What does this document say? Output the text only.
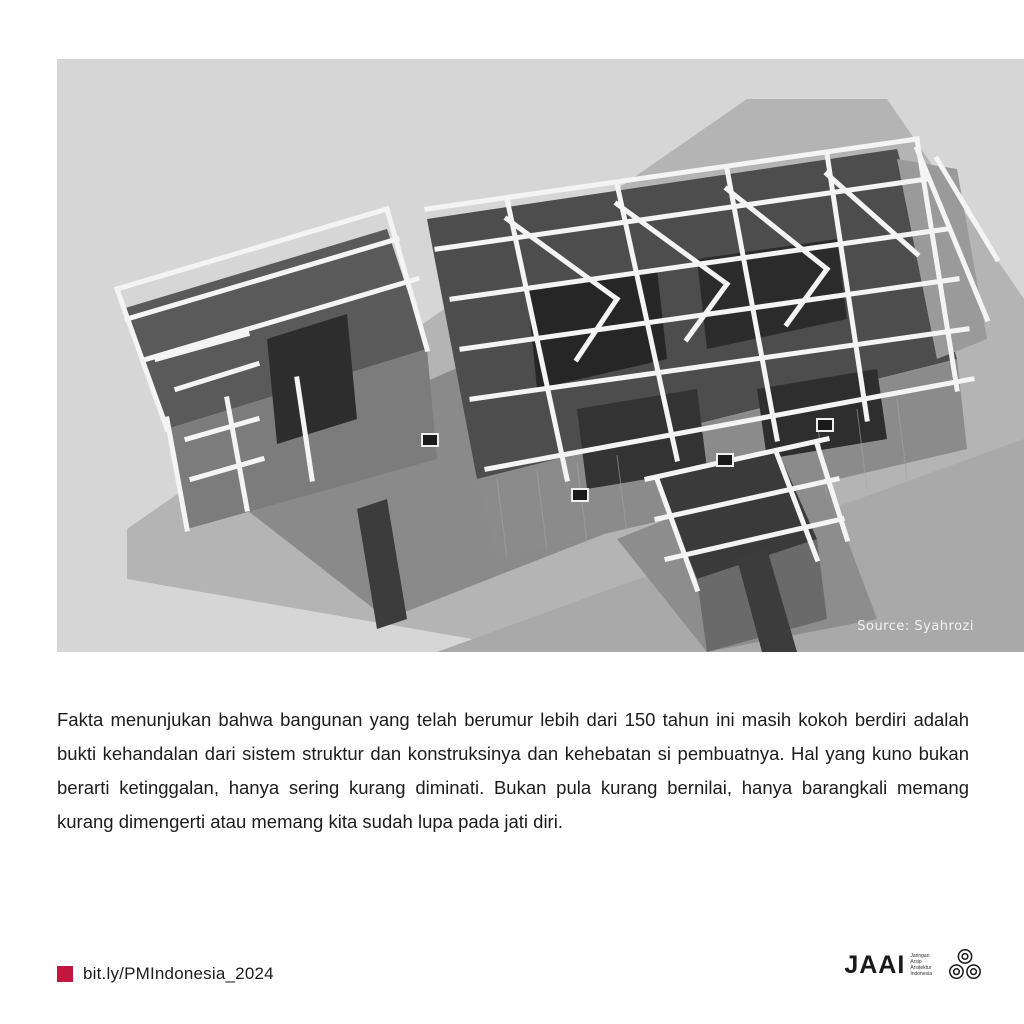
Source: Syahrozi

Fakta menunjukan bahwa bangunan yang telah berumur lebih dari 150 tahun ini masih kokoh berdiri adalah bukti kehandalan dari sistem struktur dan konstruksinya dan kehebatan si pembuatnya. Hal yang kuno bukan berarti ketinggalan, hanya sering kurang diminati. Bukan pula kurang bernilai, hanya barangkali memang kurang dimengerti atau memang kita sudah lupa pada jati diri.

bit.ly/PMIndonesia_2024	JAAI Jaringan
Arsip
Arsitektur
Indonesia
